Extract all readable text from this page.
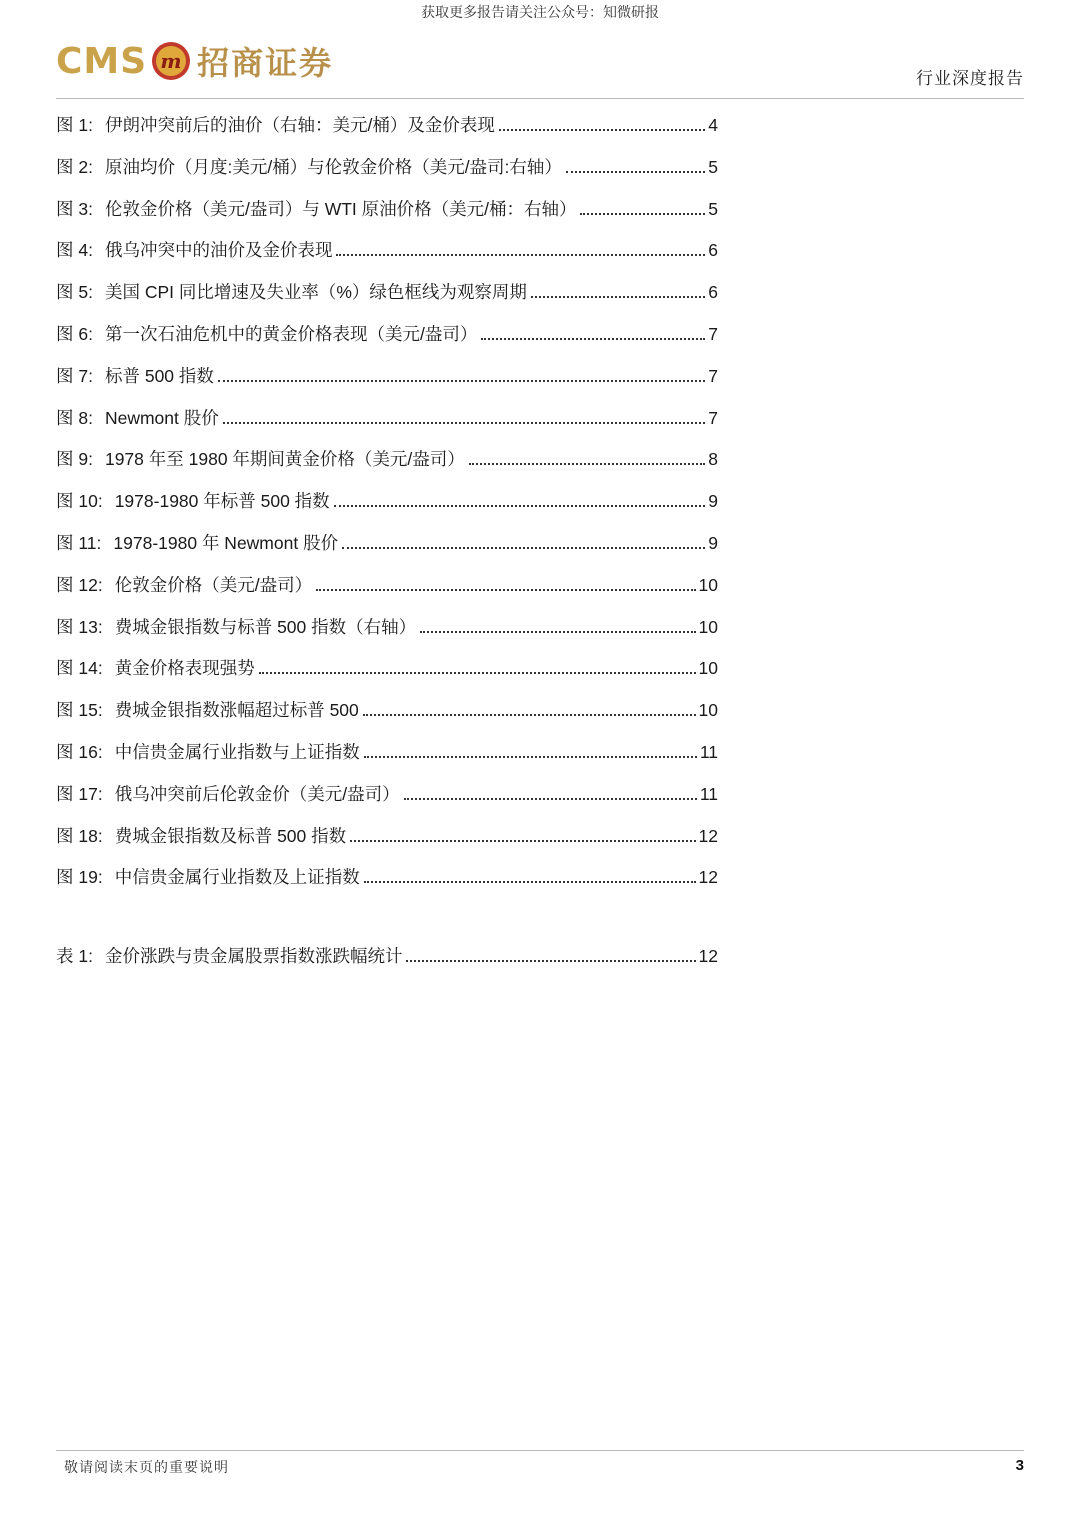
获取更多报告请关注公众号：知微研报
CMS m 招商证券	行业深度报告
图 1: 伊朗冲突前后的油价（右轴：美元/桶）及金价表现	4
图 2: 原油均价（月度:美元/桶）与伦敦金价格（美元/盎司:右轴）	5
图 3: 伦敦金价格（美元/盎司）与 WTI 原油价格（美元/桶：右轴）	5
图 4: 俄乌冲突中的油价及金价表现	6
图 5: 美国 CPI 同比增速及失业率（%）绿色框线为观察周期	6
图 6: 第一次石油危机中的黄金价格表现（美元/盎司）	7
图 7: 标普 500 指数	7
图 8: Newmont 股价	7
图 9: 1978 年至 1980 年期间黄金价格（美元/盎司）	8
图 10: 1978-1980 年标普 500 指数	9
图 11: 1978-1980 年 Newmont 股价	9
图 12: 伦敦金价格（美元/盎司）	10
图 13: 费城金银指数与标普 500 指数（右轴）	10
图 14: 黄金价格表现强势	10
图 15: 费城金银指数涨幅超过标普 500	10
图 16: 中信贵金属行业指数与上证指数	11
图 17: 俄乌冲突前后伦敦金价（美元/盎司）	11
图 18: 费城金银指数及标普 500 指数	12
图 19: 中信贵金属行业指数及上证指数	12
表 1: 金价涨跌与贵金属股票指数涨跌幅统计	12
敬请阅读末页的重要说明	3
